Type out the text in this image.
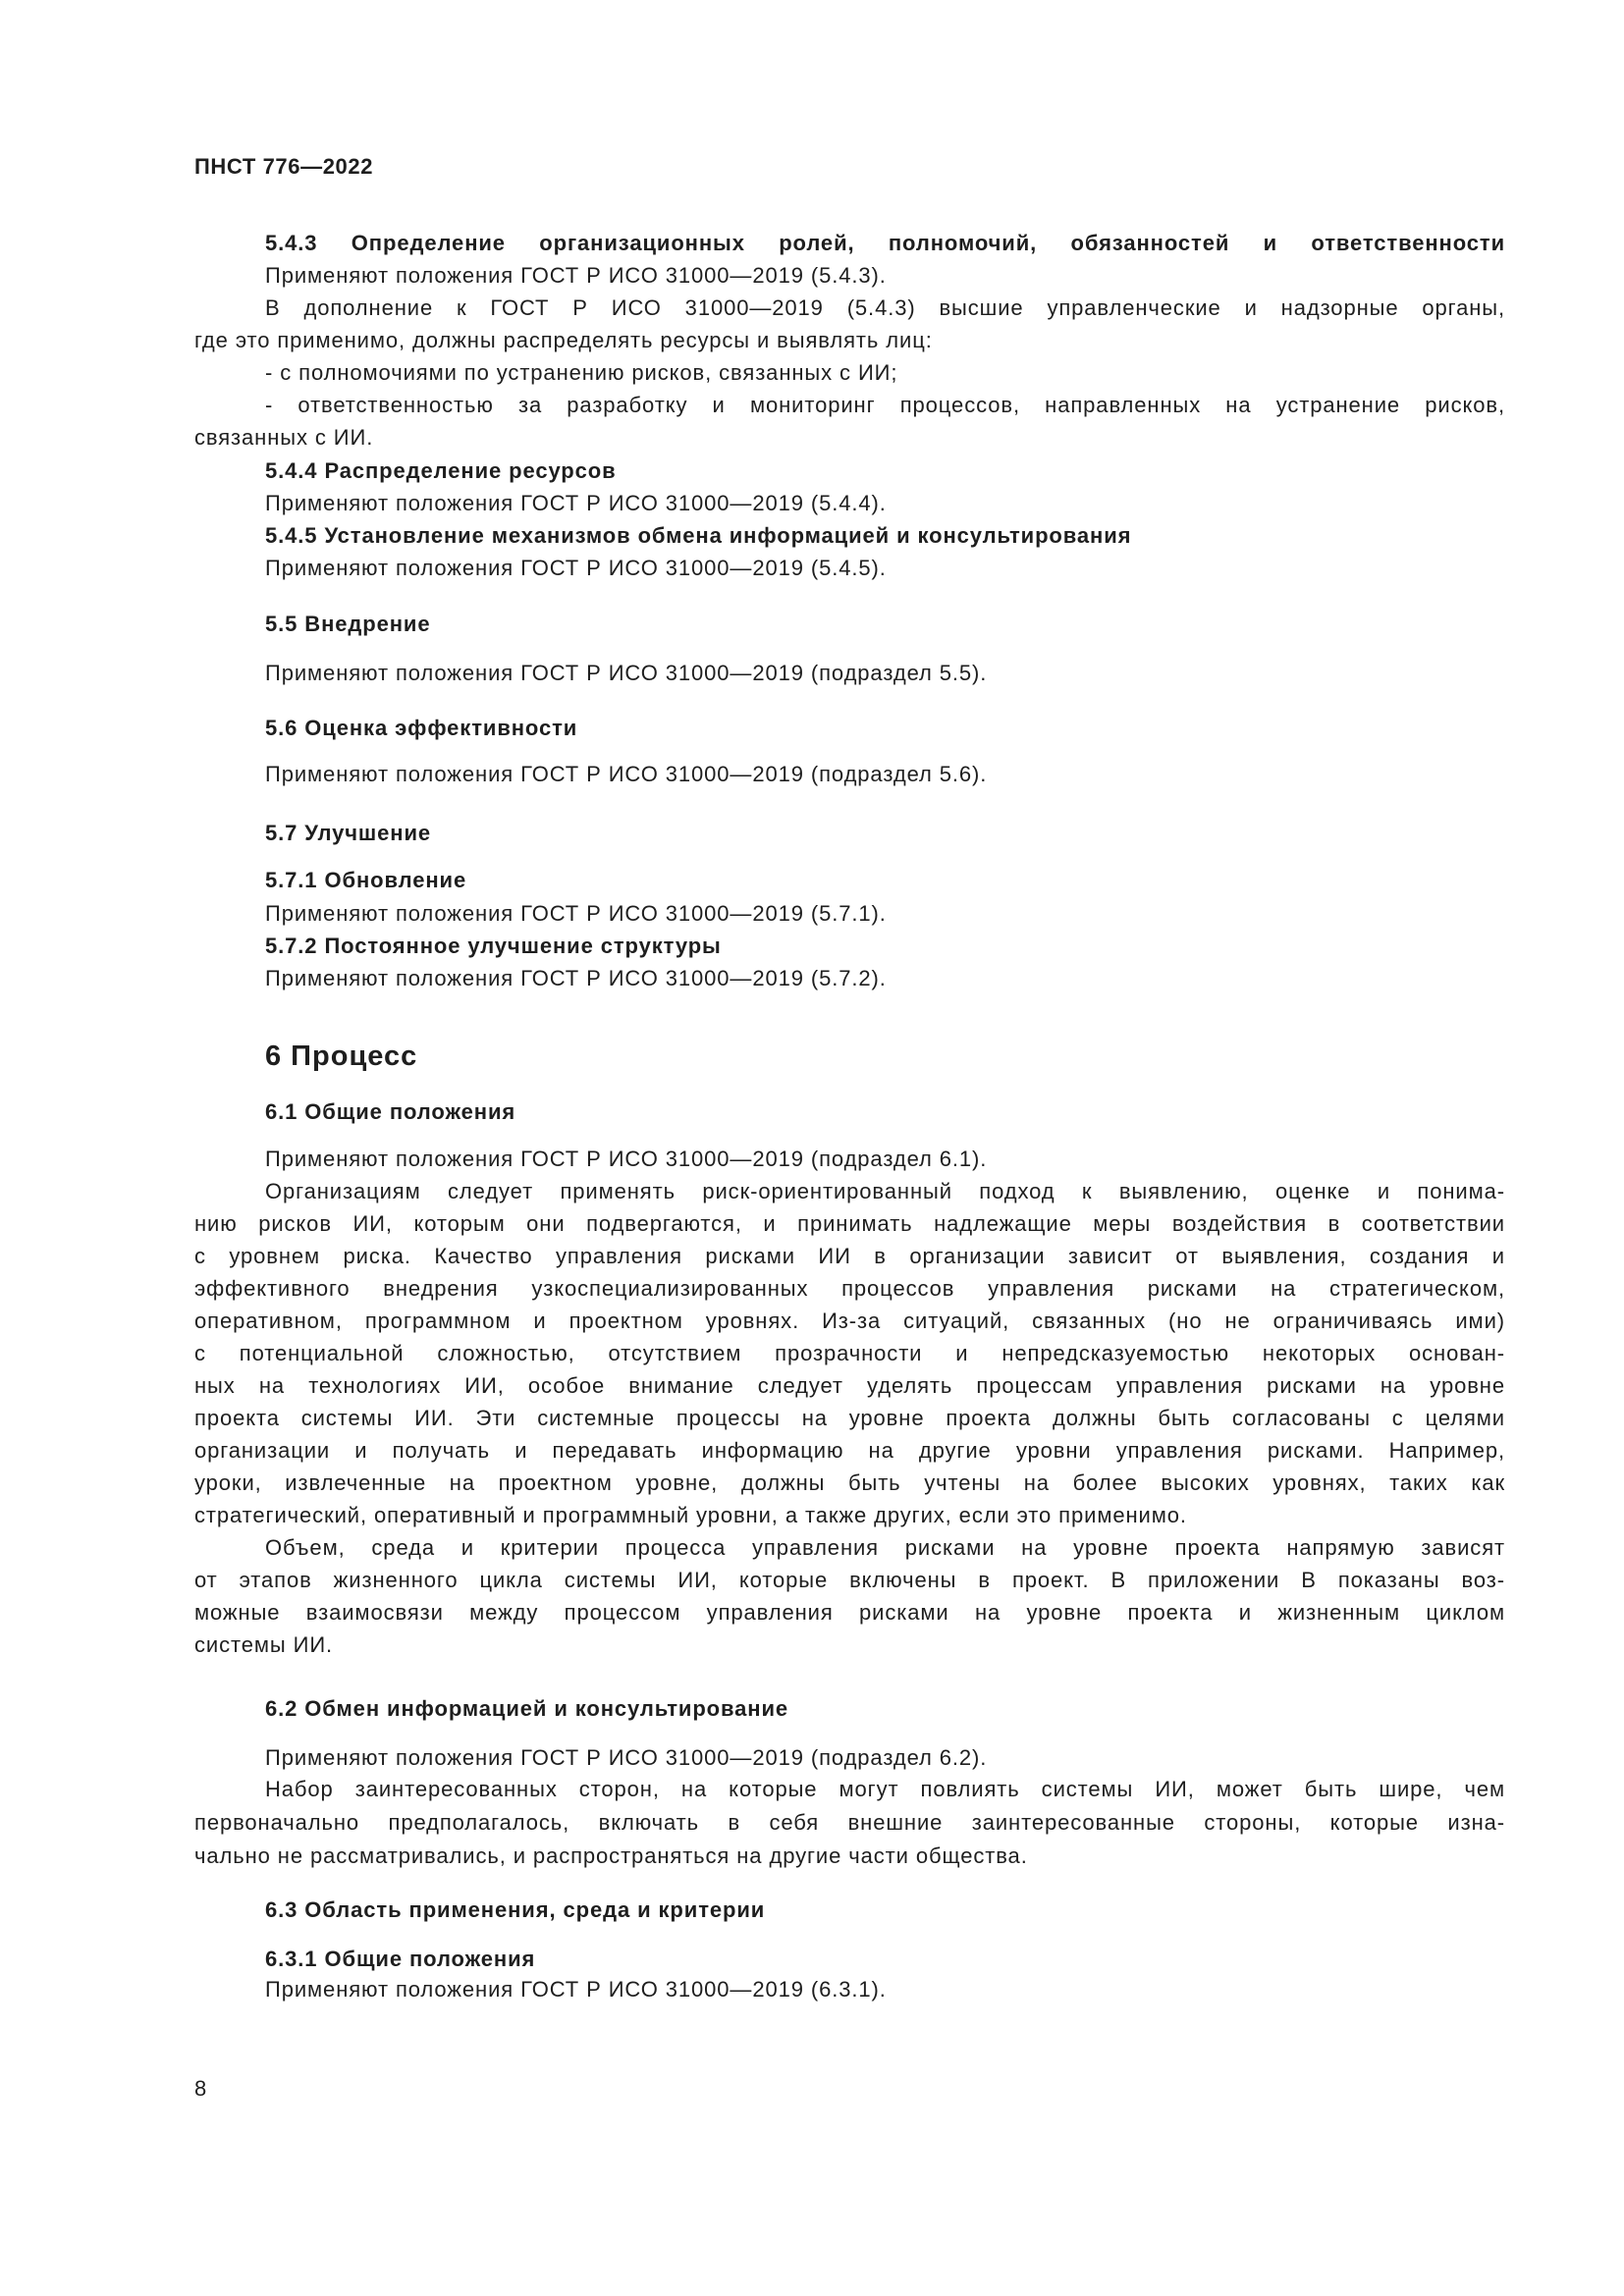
ПНСТ 776—2022
5.4.3 Определение организационных ролей, полномочий, обязанностей и ответственности
Применяют положения ГОСТ Р ИСО 31000—2019 (5.4.3).
В дополнение к ГОСТ Р ИСО 31000—2019 (5.4.3) высшие управленческие и надзорные органы,
где это применимо, должны распределять ресурсы и выявлять лиц:
- с полномочиями по устранению рисков, связанных с ИИ;
- ответственностью за разработку и мониторинг процессов, направленных на устранение рисков,
связанных с ИИ.
5.4.4 Распределение ресурсов
Применяют положения ГОСТ Р ИСО 31000—2019 (5.4.4).
5.4.5 Установление механизмов обмена информацией и консультирования
Применяют положения ГОСТ Р ИСО 31000—2019 (5.4.5).
5.5 Внедрение
Применяют положения ГОСТ Р ИСО 31000—2019 (подраздел 5.5).
5.6 Оценка эффективности
Применяют положения ГОСТ Р ИСО 31000—2019 (подраздел 5.6).
5.7 Улучшение
5.7.1 Обновление
Применяют положения ГОСТ Р ИСО 31000—2019 (5.7.1).
5.7.2 Постоянное улучшение структуры
Применяют положения ГОСТ Р ИСО 31000—2019 (5.7.2).
6 Процесс
6.1 Общие положения
Применяют положения ГОСТ Р ИСО 31000—2019 (подраздел 6.1).
Организациям следует применять риск-ориентированный подход к выявлению, оценке и понима-
нию рисков ИИ, которым они подвергаются, и принимать надлежащие меры воздействия в соответствии
с уровнем риска. Качество управления рисками ИИ в организации зависит от выявления, создания и
эффективного внедрения узкоспециализированных процессов управления рисками на стратегическом,
оперативном, программном и проектном уровнях. Из-за ситуаций, связанных (но не ограничиваясь ими)
с потенциальной сложностью, отсутствием прозрачности и непредсказуемостью некоторых основан-
ных на технологиях ИИ, особое внимание следует уделять процессам управления рисками на уровне
проекта системы ИИ. Эти системные процессы на уровне проекта должны быть согласованы с целями
организации и получать и передавать информацию на другие уровни управления рисками. Например,
уроки, извлеченные на проектном уровне, должны быть учтены на более высоких уровнях, таких как
стратегический, оперативный и программный уровни, а также других, если это применимо.
Объем, среда и критерии процесса управления рисками на уровне проекта напрямую зависят
от этапов жизненного цикла системы ИИ, которые включены в проект. В приложении В показаны воз-
можные взаимосвязи между процессом управления рисками на уровне проекта и жизненным циклом
системы ИИ.
6.2 Обмен информацией и консультирование
Применяют положения ГОСТ Р ИСО 31000—2019 (подраздел 6.2).
Набор заинтересованных сторон, на которые могут повлиять системы ИИ, может быть шире, чем
первоначально предполагалось, включать в себя внешние заинтересованные стороны, которые изна-
чально не рассматривались, и распространяться на другие части общества.
6.3 Область применения, среда и критерии
6.3.1 Общие положения
Применяют положения ГОСТ Р ИСО 31000—2019 (6.3.1).
8
